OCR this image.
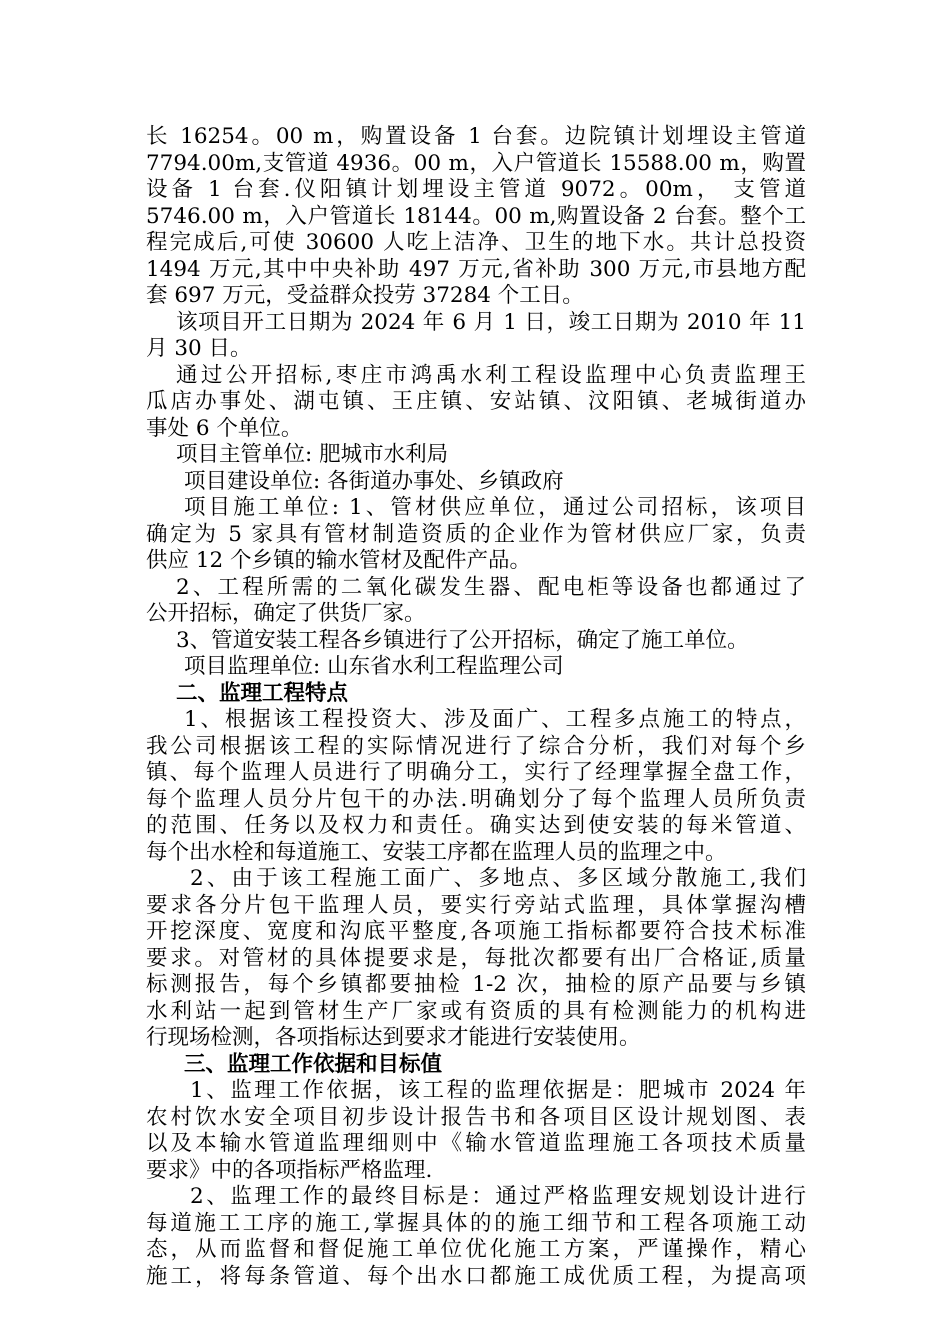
长 16254。00 m，购置设备 1 台套。边院镇计划埋设主管道
7794.00m,支管道 4936。00 m，入户管道长 15588.00 m，购置
设备 1 台套.仪阳镇计划埋设主管道 9072。00m， 支管道
5746.00 m，入户管道长 18144。00 m,购置设备 2 台套。整个工
程完成后,可使 30600 人吃上洁净、卫生的地下水。共计总投资
1494 万元,其中中央补助 497 万元,省补助 300 万元,市县地方配
套 697 万元，受益群众投劳 37284 个工日。
该项目开工日期为 2024 年 6 月 1 日，竣工日期为 2010 年 11
月 30 日。
通过公开招标,枣庄市鸿禹水利工程设监理中心负责监理王
瓜店办事处、湖屯镇、王庄镇、安站镇、汶阳镇、老城街道办
事处 6 个单位。
项目主管单位: 肥城市水利局
项目建设单位: 各街道办事处、乡镇政府
项目施工单位: 1、管材供应单位，通过公司招标，该项目
确定为 5 家具有管材制造资质的企业作为管材供应厂家，负责
供应 12 个乡镇的输水管材及配件产品。
2、工程所需的二氧化碳发生器、配电柜等设备也都通过了
公开招标，确定了供货厂家。
3、管道安装工程各乡镇进行了公开招标，确定了施工单位。
项目监理单位: 山东省水利工程监理公司
二、监理工程特点
1、根据该工程投资大、涉及面广、工程多点施工的特点，
我公司根据该工程的实际情况进行了综合分析，我们对每个乡
镇、每个监理人员进行了明确分工，实行了经理掌握全盘工作，
每个监理人员分片包干的办法.明确划分了每个监理人员所负责
的范围、任务以及权力和责任。确实达到使安装的每米管道、
每个出水栓和每道施工、安装工序都在监理人员的监理之中。
2、由于该工程施工面广、多地点、多区域分散施工,我们
要求各分片包干监理人员，要实行旁站式监理，具体掌握沟槽
开挖深度、宽度和沟底平整度,各项施工指标都要符合技术标准
要求。对管材的具体提要求是，每批次都要有出厂合格证,质量
标测报告，每个乡镇都要抽检 1-2 次，抽检的原产品要与乡镇
水利站一起到管材生产厂家或有资质的具有检测能力的机构进
行现场检测，各项指标达到要求才能进行安装使用。
三、监理工作依据和目标值
1、监理工作依据，该工程的监理依据是：肥城市 2024 年
农村饮水安全项目初步设计报告书和各项目区设计规划图、表
以及本输水管道监理细则中《输水管道监理施工各项技术质量
要求》中的各项指标严格监理.
2、监理工作的最终目标是：通过严格监理安规划设计进行
每道施工工序的施工,掌握具体的的施工细节和工程各项施工动
态，从而监督和督促施工单位优化施工方案，严谨操作，精心
施工，将每条管道、每个出水口都施工成优质工程，为提高项
